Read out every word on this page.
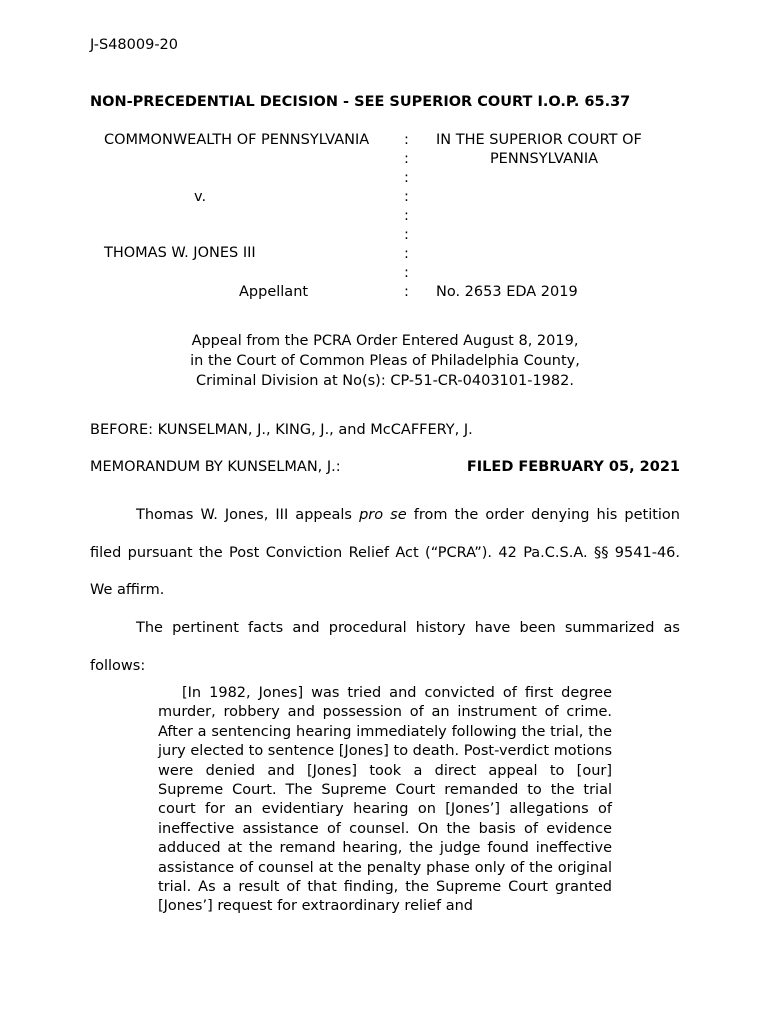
J-S48009-20
NON-PRECEDENTIAL DECISION - SEE SUPERIOR COURT I.O.P. 65.37
COMMONWEALTH OF PENNSYLVANIA
v.
THOMAS W. JONES III
Appellant
:
:
:
:
:
:
:
:
:
IN THE SUPERIOR COURT OF
PENNSYLVANIA
No. 2653 EDA 2019
Appeal from the PCRA Order Entered August 8, 2019,
in the Court of Common Pleas of Philadelphia County,
Criminal Division at No(s): CP-51-CR-0403101-1982.
BEFORE: KUNSELMAN, J., KING, J., and McCAFFERY, J.
MEMORANDUM BY KUNSELMAN, J.:	FILED FEBRUARY 05, 2021
Thomas W. Jones, III appeals pro se from the order denying his petition filed pursuant the Post Conviction Relief Act (“PCRA”). 42 Pa.C.S.A. §§ 9541-46. We affirm.
The pertinent facts and procedural history have been summarized as follows:
[In 1982, Jones] was tried and convicted of first degree murder, robbery and possession of an instrument of crime. After a sentencing hearing immediately following the trial, the jury elected to sentence [Jones] to death. Post-verdict motions were denied and [Jones] took a direct appeal to [our] Supreme Court. The Supreme Court remanded to the trial court for an evidentiary hearing on [Jones’] allegations of ineffective assistance of counsel. On the basis of evidence adduced at the remand hearing, the judge found ineffective assistance of counsel at the penalty phase only of the original trial. As a result of that finding, the Supreme Court granted [Jones’] request for extraordinary relief and
